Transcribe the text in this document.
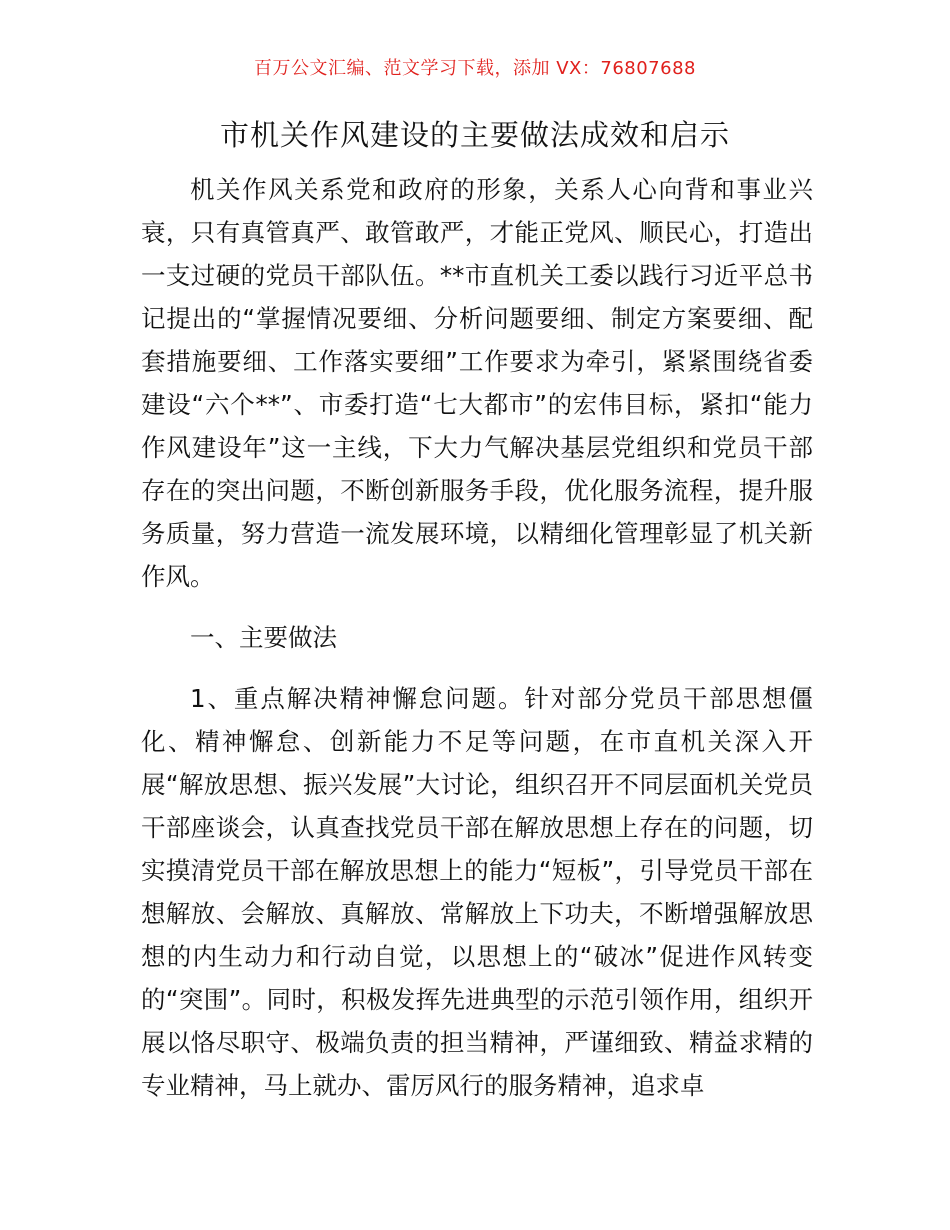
百万公文汇编、范文学习下载，添加 VX：76807688
市机关作风建设的主要做法成效和启示

机关作风关系党和政府的形象，关系人心向背和事业兴衰，只有真管真严、敢管敢严，才能正党风、顺民心，打造出一支过硬的党员干部队伍。**市直机关工委以践行习近平总书记提出的“掌握情况要细、分析问题要细、制定方案要细、配套措施要细、工作落实要细”工作要求为牵引，紧紧围绕省委建设“六个**”、市委打造“七大都市”的宏伟目标，紧扣“能力作风建设年”这一主线，下大力气解决基层党组织和党员干部存在的突出问题，不断创新服务手段，优化服务流程，提升服务质量，努力营造一流发展环境，以精细化管理彰显了机关新作风。

一、主要做法

1、重点解决精神懈怠问题。针对部分党员干部思想僵化、精神懈怠、创新能力不足等问题，在市直机关深入开展“解放思想、振兴发展”大讨论，组织召开不同层面机关党员干部座谈会，认真查找党员干部在解放思想上存在的问题，切实摸清党员干部在解放思想上的能力“短板”，引导党员干部在想解放、会解放、真解放、常解放上下功夫，不断增强解放思想的内生动力和行动自觉，以思想上的“破冰”促进作风转变的“突围”。同时，积极发挥先进典型的示范引领作用，组织开展以恪尽职守、极端负责的担当精神，严谨细致、精益求精的专业精神，马上就办、雷厉风行的服务精神，追求卓
